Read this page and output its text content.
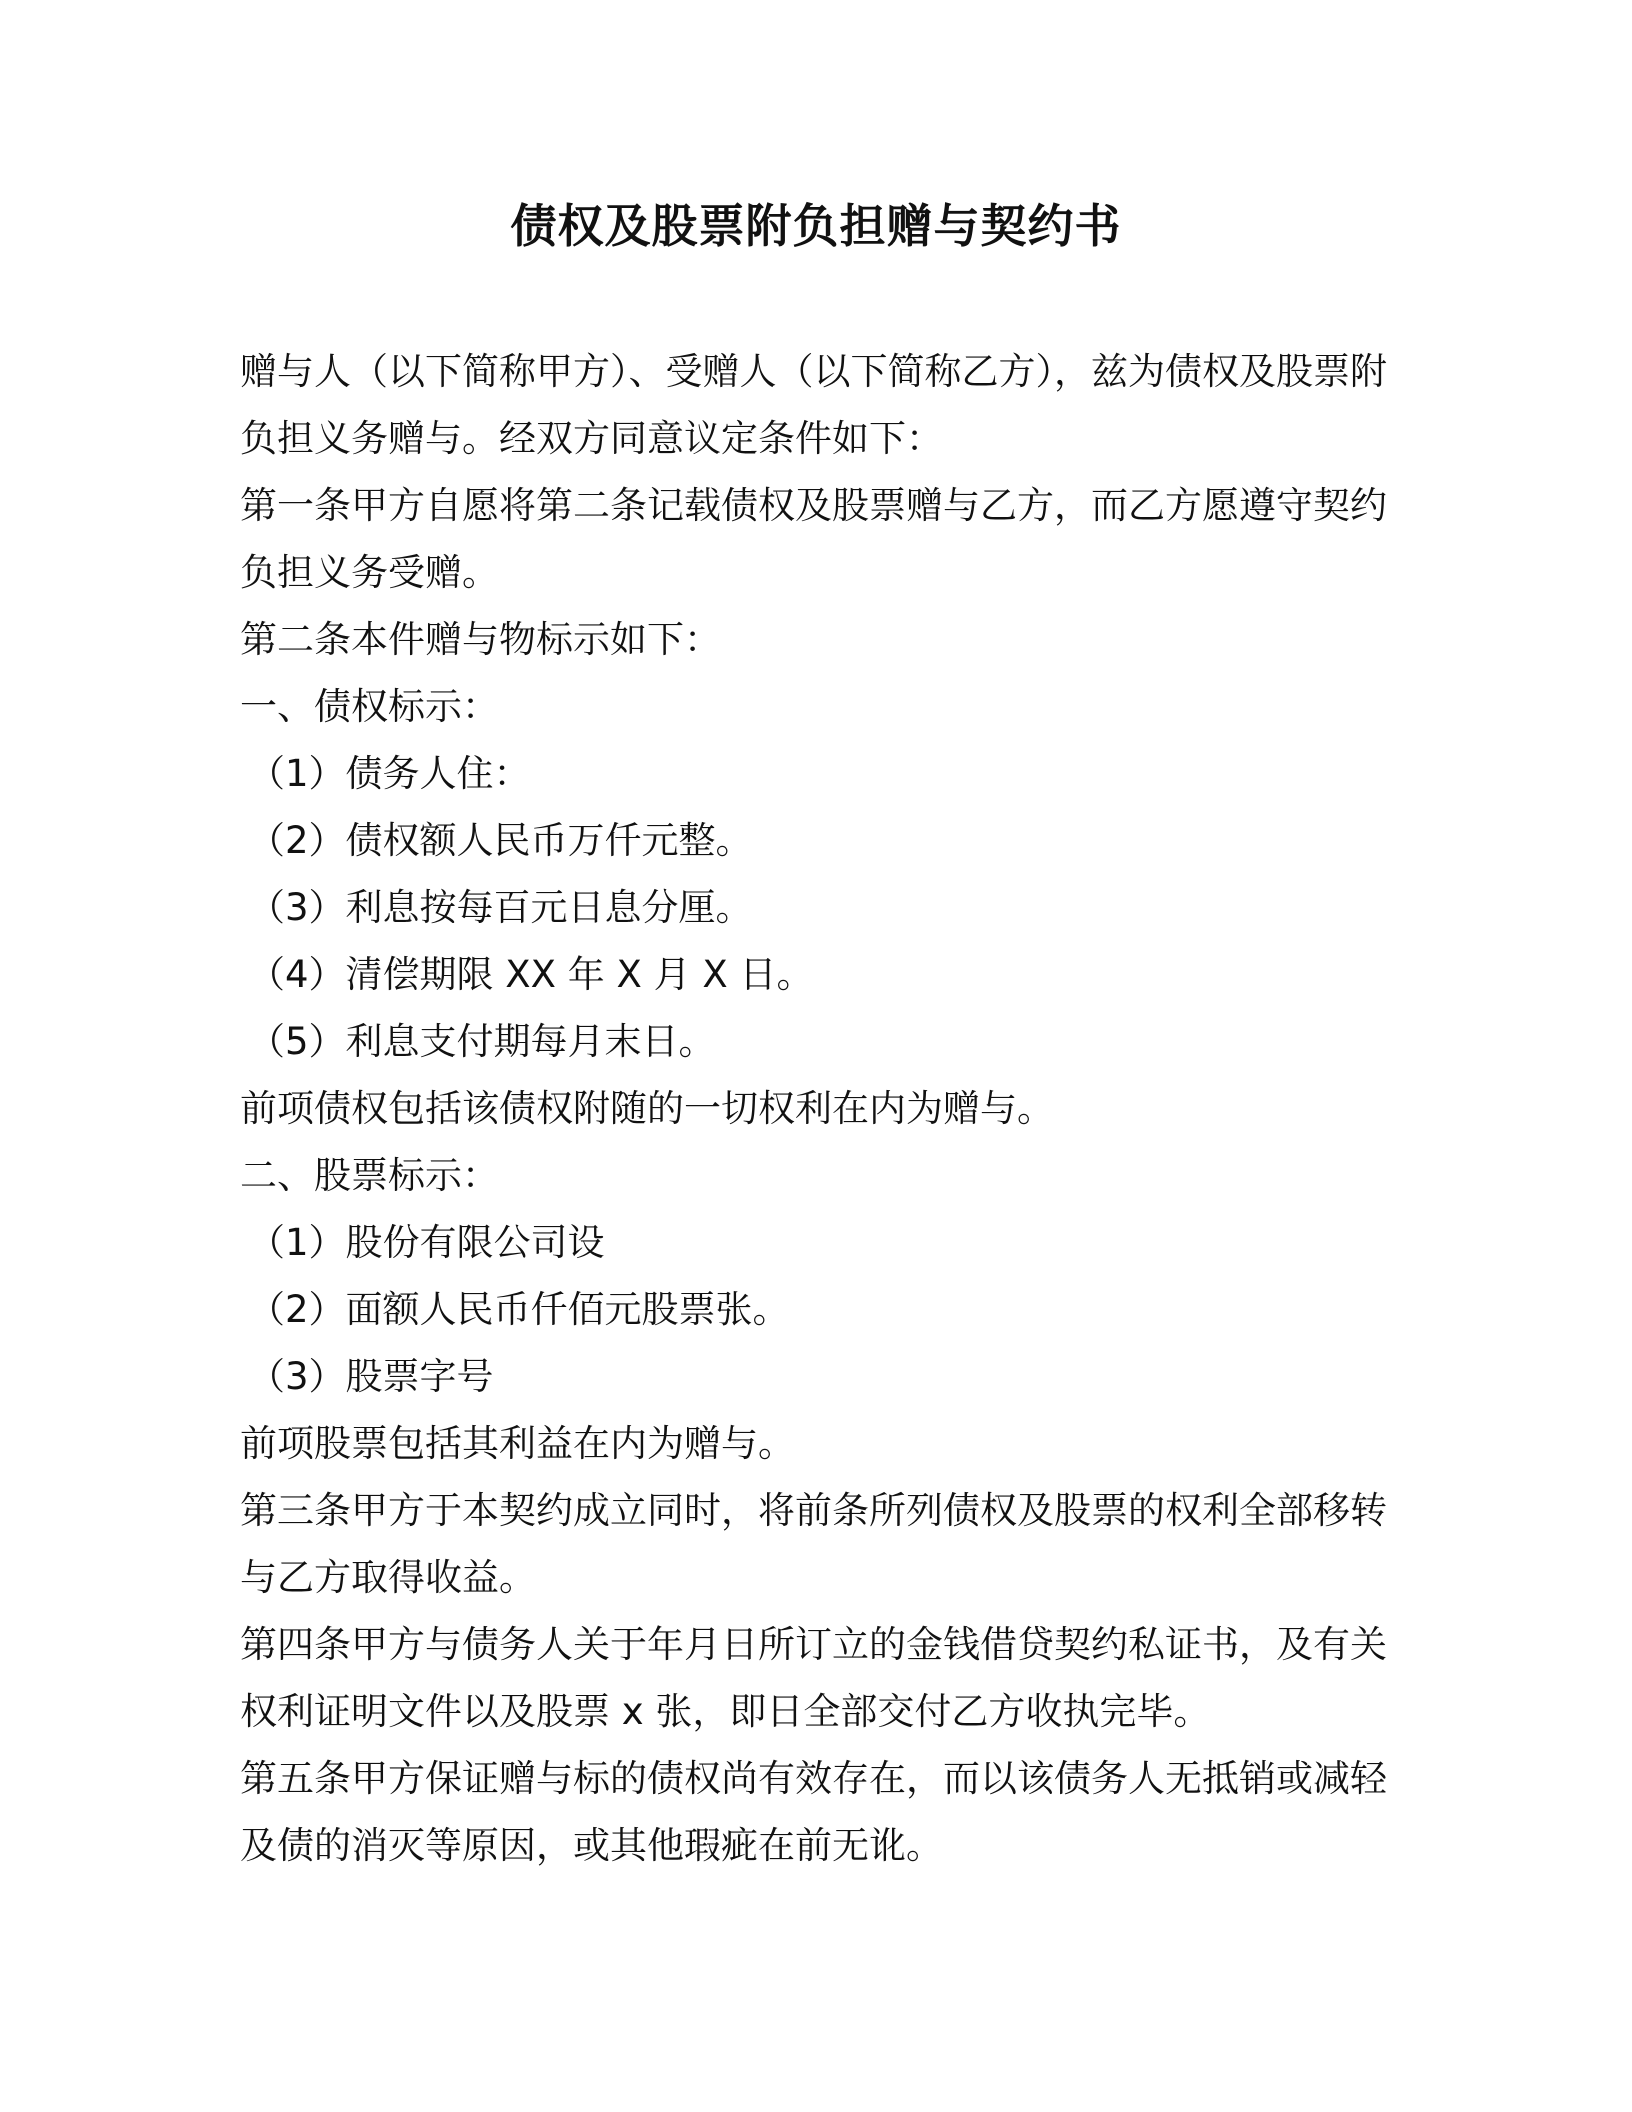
债权及股票附负担赠与契约书

赠与人（以下简称甲方）、受赠人（以下简称乙方），兹为债权及股票附

负担义务赠与。经双方同意议定条件如下：

第一条甲方自愿将第二条记载债权及股票赠与乙方，而乙方愿遵守契约

负担义务受赠。

第二条本件赠与物标示如下：

一、债权标示：

（1）债务人住：

（2）债权额人民币万仟元整。

（3）利息按每百元日息分厘。

（4）清偿期限 XX 年 X 月 X 日。

（5）利息支付期每月末日。

前项债权包括该债权附随的一切权利在内为赠与。

二、股票标示：

（1）股份有限公司设

（2）面额人民币仟佰元股票张。

（3）股票字号

前项股票包括其利益在内为赠与。

第三条甲方于本契约成立同时，将前条所列债权及股票的权利全部移转

与乙方取得收益。

第四条甲方与债务人关于年月日所订立的金钱借贷契约私证书，及有关

权利证明文件以及股票 x 张，即日全部交付乙方收执完毕。

第五条甲方保证赠与标的债权尚有效存在，而以该债务人无抵销或减轻

及债的消灭等原因，或其他瑕疵在前无讹。
